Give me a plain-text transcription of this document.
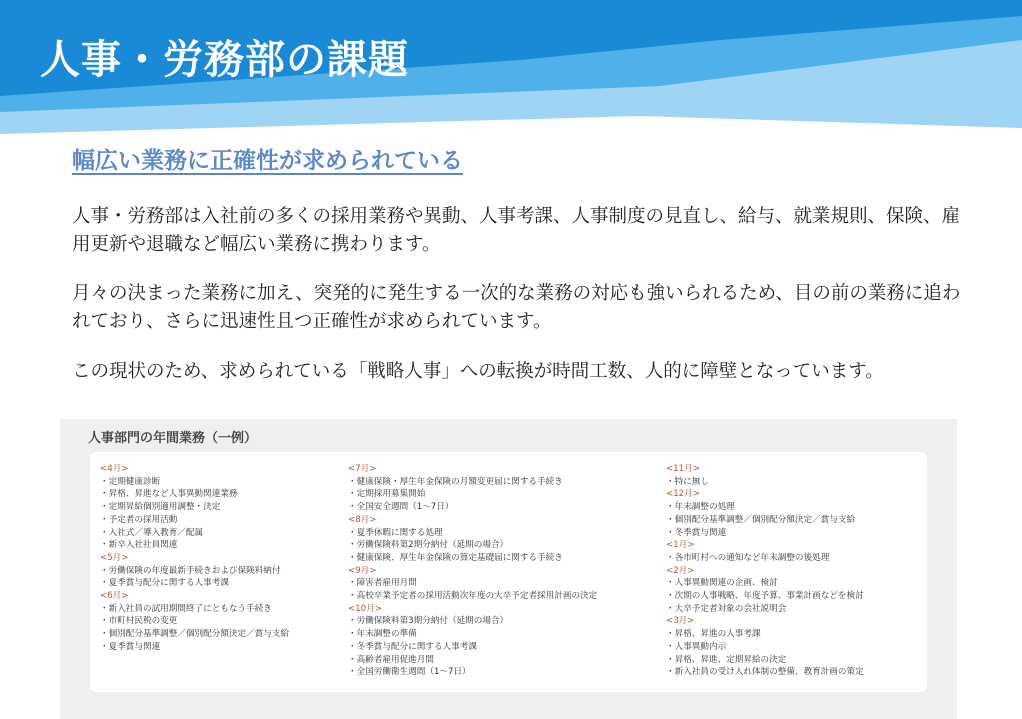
人事・労務部の課題
幅広い業務に正確性が求められている

人事・労務部は入社前の多くの採用業務や異動、人事考課、人事制度の見直し、給与、就業規則、保険、雇用更新や退職など幅広い業務に携わります。

月々の決まった業務に加え、突発的に発生する一次的な業務の対応も強いられるため、目の前の業務に追われており、さらに迅速性且つ正確性が求められています。

この現状のため、求められている「戦略人事」への転換が時間工数、人的に障壁となっています。

人事部門の年間業務（一例）
<4月>
・定期健康診断
・昇格、昇進など人事異動関連業務
・定期昇給個別適用調整・決定
・予定者の採用活動
・入社式／導入教育／配属
・新卒入社社員関連
<5月>
・労働保険の年度最新手続きおよび保険料納付
・夏季賞与配分に関する人事考課
<6月>
・新入社員の試用期間終了にともなう手続き
・市町村民税の変更
・個別配分基準調整／個別配分額決定／賞与支給
・夏季賞与関連
<7月>
・健康保険・厚生年金保険の月額変更届に関する手続き
・定期採用募集開始
・全国安全週間（1〜7日）
<8月>
・夏季休暇に関する処理
・労働保険料第2期分納付（延期の場合）
・健康保険、厚生年金保険の算定基礎届に関する手続き
<9月>
・障害者雇用月間
・高校卒業予定者の採用活動次年度の大卒予定者採用計画の決定
<10月>
・労働保険料第3期分納付（延期の場合）
・年末調整の準備
・冬季賞与配分に関する人事考課
・高齢者雇用促進月間
・全国労働衛生週間（1〜7日）
<11月>
・特に無し
<12月>
・年末調整の処理
・個別配分基準調整／個別配分額決定／賞与支給
・冬季賞与関連
<1月>
・各市町村への通知など年末調整の後処理
<2月>
・人事異動関連の企画、検討
・次期の人事戦略、年度予算、事業計画などを検討
・大卒予定者対象の会社説明会
<3月>
・昇格、昇進の人事考課
・人事異動内示
・昇格、昇進、定期昇給の決定
・新入社員の受け入れ体制の整備、教育計画の策定
